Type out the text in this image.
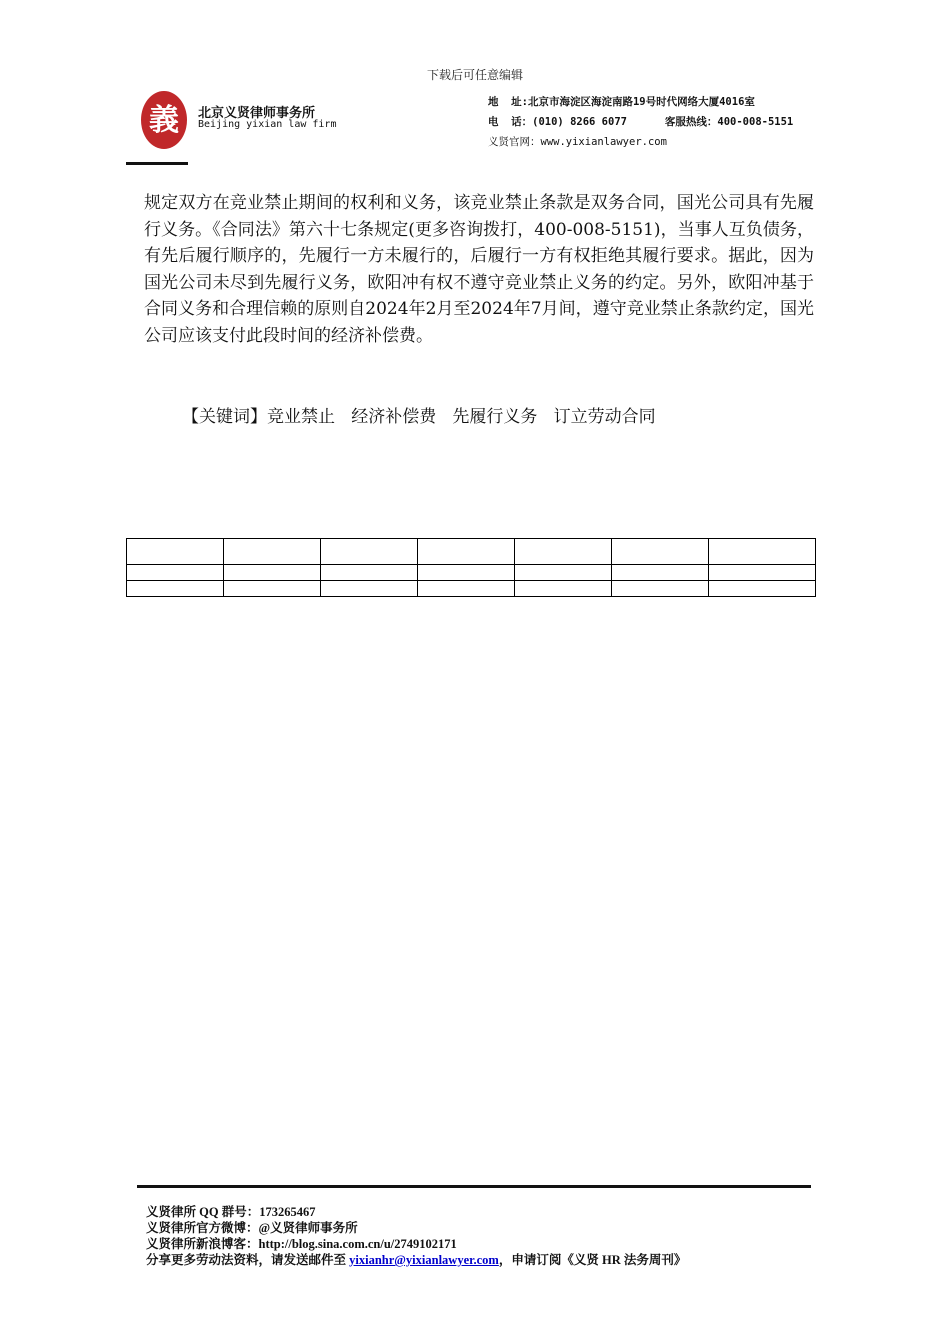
下载后可任意编辑
義 北京义贤律师事务所
Beijing yixian law firm
地  址:北京市海淀区海淀南路19号时代网络大厦4016室
电  话：(010) 8266 6077      客服热线：400-008-5151
义贤官网：www.yixianlawyer.com
规定双方在竞业禁止期间的权利和义务，该竞业禁止条款是双务合同，国光公司具有先履行义务。《合同法》第六十七条规定(更多咨询拨打，400-008-5151)，当事人互负债务，有先后履行顺序的，先履行一方未履行的，后履行一方有权拒绝其履行要求。据此，因为国光公司未尽到先履行义务，欧阳冲有权不遵守竞业禁止义务的约定。另外，欧阳冲基于合同义务和合理信赖的原则自2024年2月至2024年7月间，遵守竞业禁止条款约定，国光公司应该支付此段时间的经济补偿费。
【关键词】竞业禁止   经济补偿费   先履行义务   订立劳动合同

义贤律所 QQ 群号：173265467
义贤律所官方微博：@义贤律师事务所
义贤律所新浪博客：http://blog.sina.com.cn/u/2749102171
分享更多劳动法资料，请发送邮件至 yixianhr@yixianlawyer.com，申请订阅《义贤 HR 法务周刊》
